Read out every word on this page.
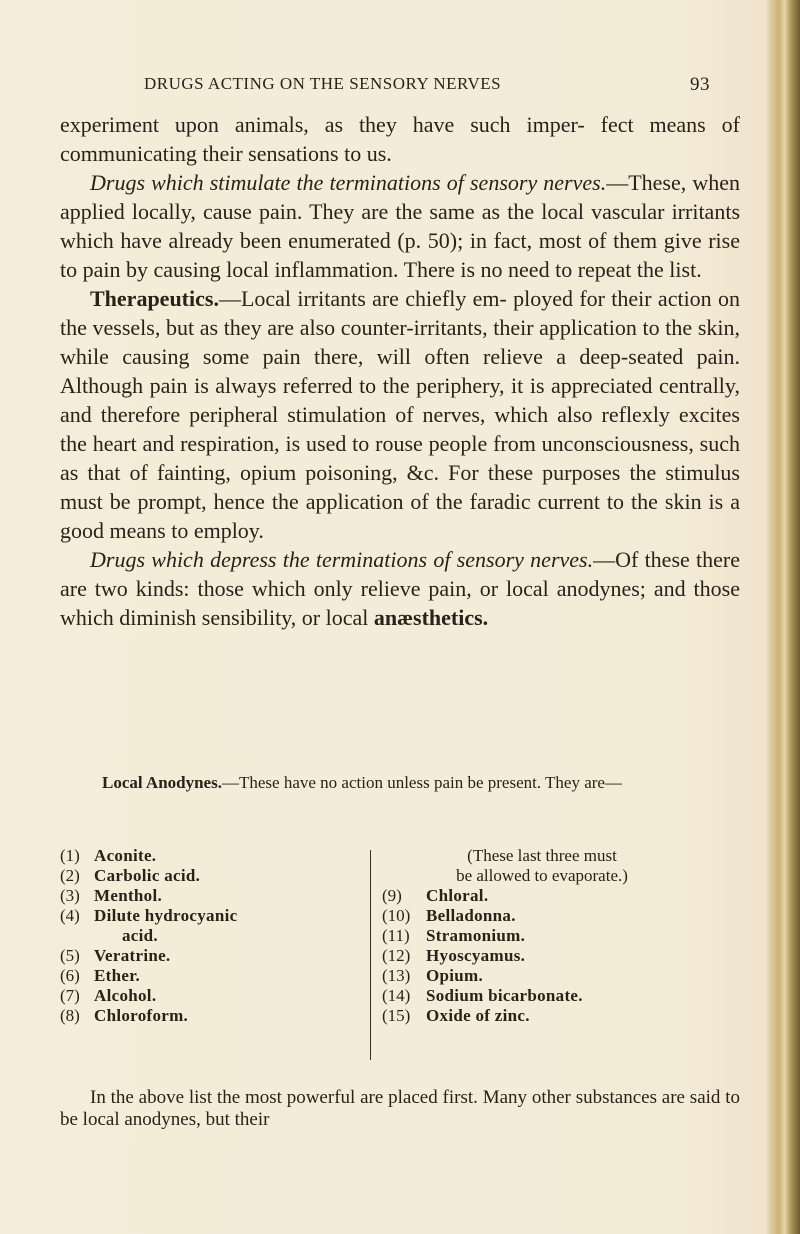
DRUGS ACTING ON THE SENSORY NERVES	93

experiment upon animals, as they have such imper- fect means of communicating their sensations to us.

Drugs which stimulate the terminations of sensory nerves.—These, when applied locally, cause pain. They are the same as the local vascular irritants which have already been enumerated (p. 50); in fact, most of them give rise to pain by causing local inflammation. There is no need to repeat the list.

Therapeutics.—Local irritants are chiefly em- ployed for their action on the vessels, but as they are also counter-irritants, their application to the skin, while causing some pain there, will often relieve a deep-seated pain. Although pain is always referred to the periphery, it is appreciated centrally, and therefore peripheral stimulation of nerves, which also reflexly excites the heart and respiration, is used to rouse people from unconsciousness, such as that of fainting, opium poisoning, &c. For these purposes the stimulus must be prompt, hence the application of the faradic current to the skin is a good means to employ.

Drugs which depress the terminations of sensory nerves.—Of these there are two kinds: those which only relieve pain, or local anodynes; and those which diminish sensibility, or local anæsthetics.

Local Anodynes.—These have no action unless pain be present. They are—

(1) Aconite.
(2) Carbolic acid.
(3) Menthol.
(4) Dilute hydrocyanic
acid.
(5) Veratrine.
(6) Ether.
(7) Alcohol.
(8) Chloroform.
(These last three must
be allowed to evaporate.)
(9)	Chloral.
(10) Belladonna.
(11) Stramonium.
(12) Hyoscyamus.
(13) Opium.
(14) Sodium bicarbonate.
(15) Oxide of zinc.

In the above list the most powerful are placed first. Many other substances are said to be local anodynes, but their
